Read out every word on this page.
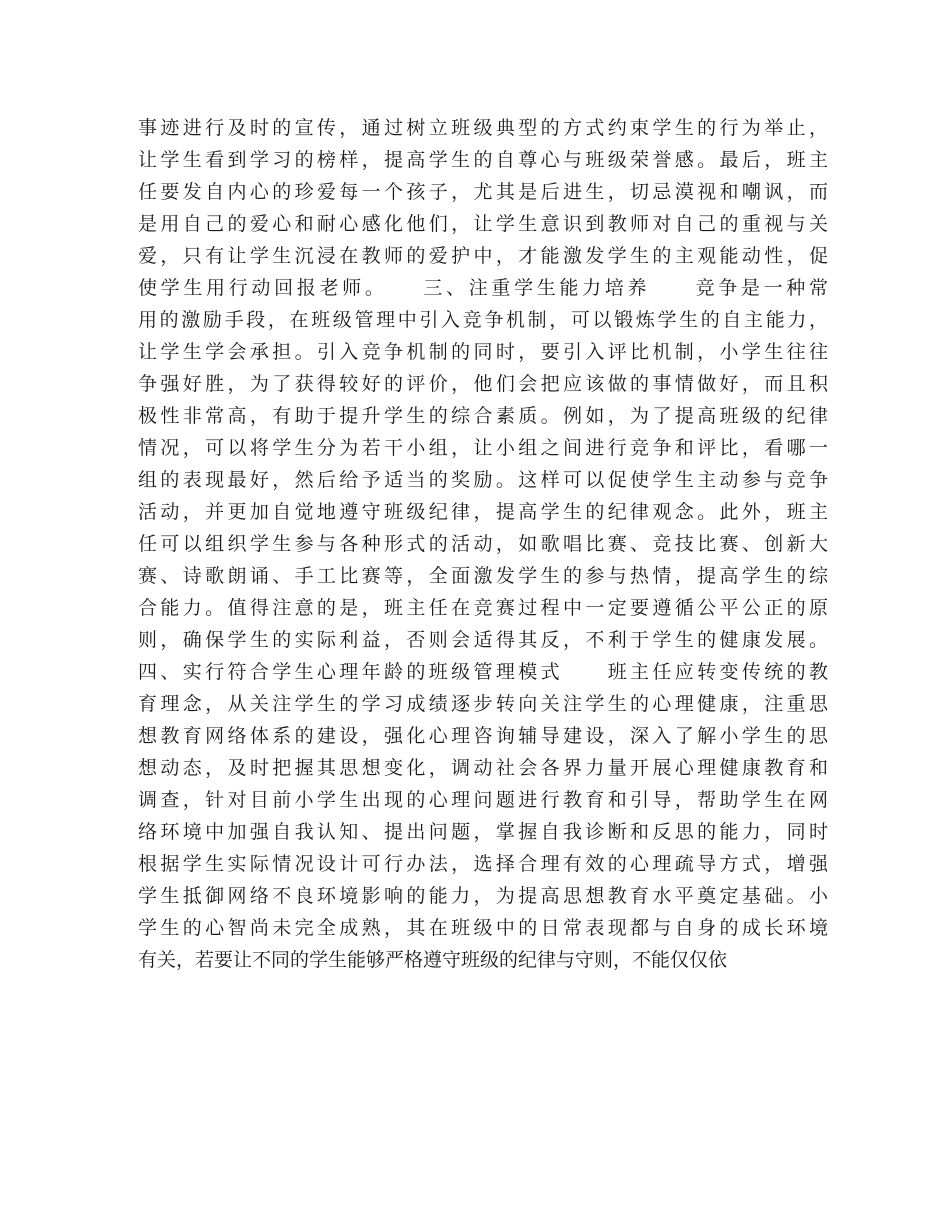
事迹进行及时的宣传，通过树立班级典型的方式约束学生的行为举止，
让学生看到学习的榜样，提高学生的自尊心与班级荣誉感。最后，班主
任要发自内心的珍爱每一个孩子，尤其是后进生，切忌漠视和嘲讽，而
是用自己的爱心和耐心感化他们，让学生意识到教师对自己的重视与关
爱，只有让学生沉浸在教师的爱护中，才能激发学生的主观能动性，促
使学生用行动回报老师。　　三、注重学生能力培养　　竞争是一种常
用的激励手段，在班级管理中引入竞争机制，可以锻炼学生的自主能力，
让学生学会承担。引入竞争机制的同时，要引入评比机制，小学生往往
争强好胜，为了获得较好的评价，他们会把应该做的事情做好，而且积
极性非常高，有助于提升学生的综合素质。例如，为了提高班级的纪律
情况，可以将学生分为若干小组，让小组之间进行竞争和评比，看哪一
组的表现最好，然后给予适当的奖励。这样可以促使学生主动参与竞争
活动，并更加自觉地遵守班级纪律，提高学生的纪律观念。此外，班主
任可以组织学生参与各种形式的活动，如歌唱比赛、竞技比赛、创新大
赛、诗歌朗诵、手工比赛等，全面激发学生的参与热情，提高学生的综
合能力。值得注意的是，班主任在竞赛过程中一定要遵循公平公正的原
则，确保学生的实际利益，否则会适得其反，不利于学生的健康发展。
四、实行符合学生心理年龄的班级管理模式　　班主任应转变传统的教
育理念，从关注学生的学习成绩逐步转向关注学生的心理健康，注重思
想教育网络体系的建设，强化心理咨询辅导建设，深入了解小学生的思
想动态，及时把握其思想变化，调动社会各界力量开展心理健康教育和
调查，针对目前小学生出现的心理问题进行教育和引导，帮助学生在网
络环境中加强自我认知、提出问题，掌握自我诊断和反思的能力，同时
根据学生实际情况设计可行办法，选择合理有效的心理疏导方式，增强
学生抵御网络不良环境影响的能力，为提高思想教育水平奠定基础。小
学生的心智尚未完全成熟，其在班级中的日常表现都与自身的成长环境
有关，若要让不同的学生能够严格遵守班级的纪律与守则，不能仅仅依
